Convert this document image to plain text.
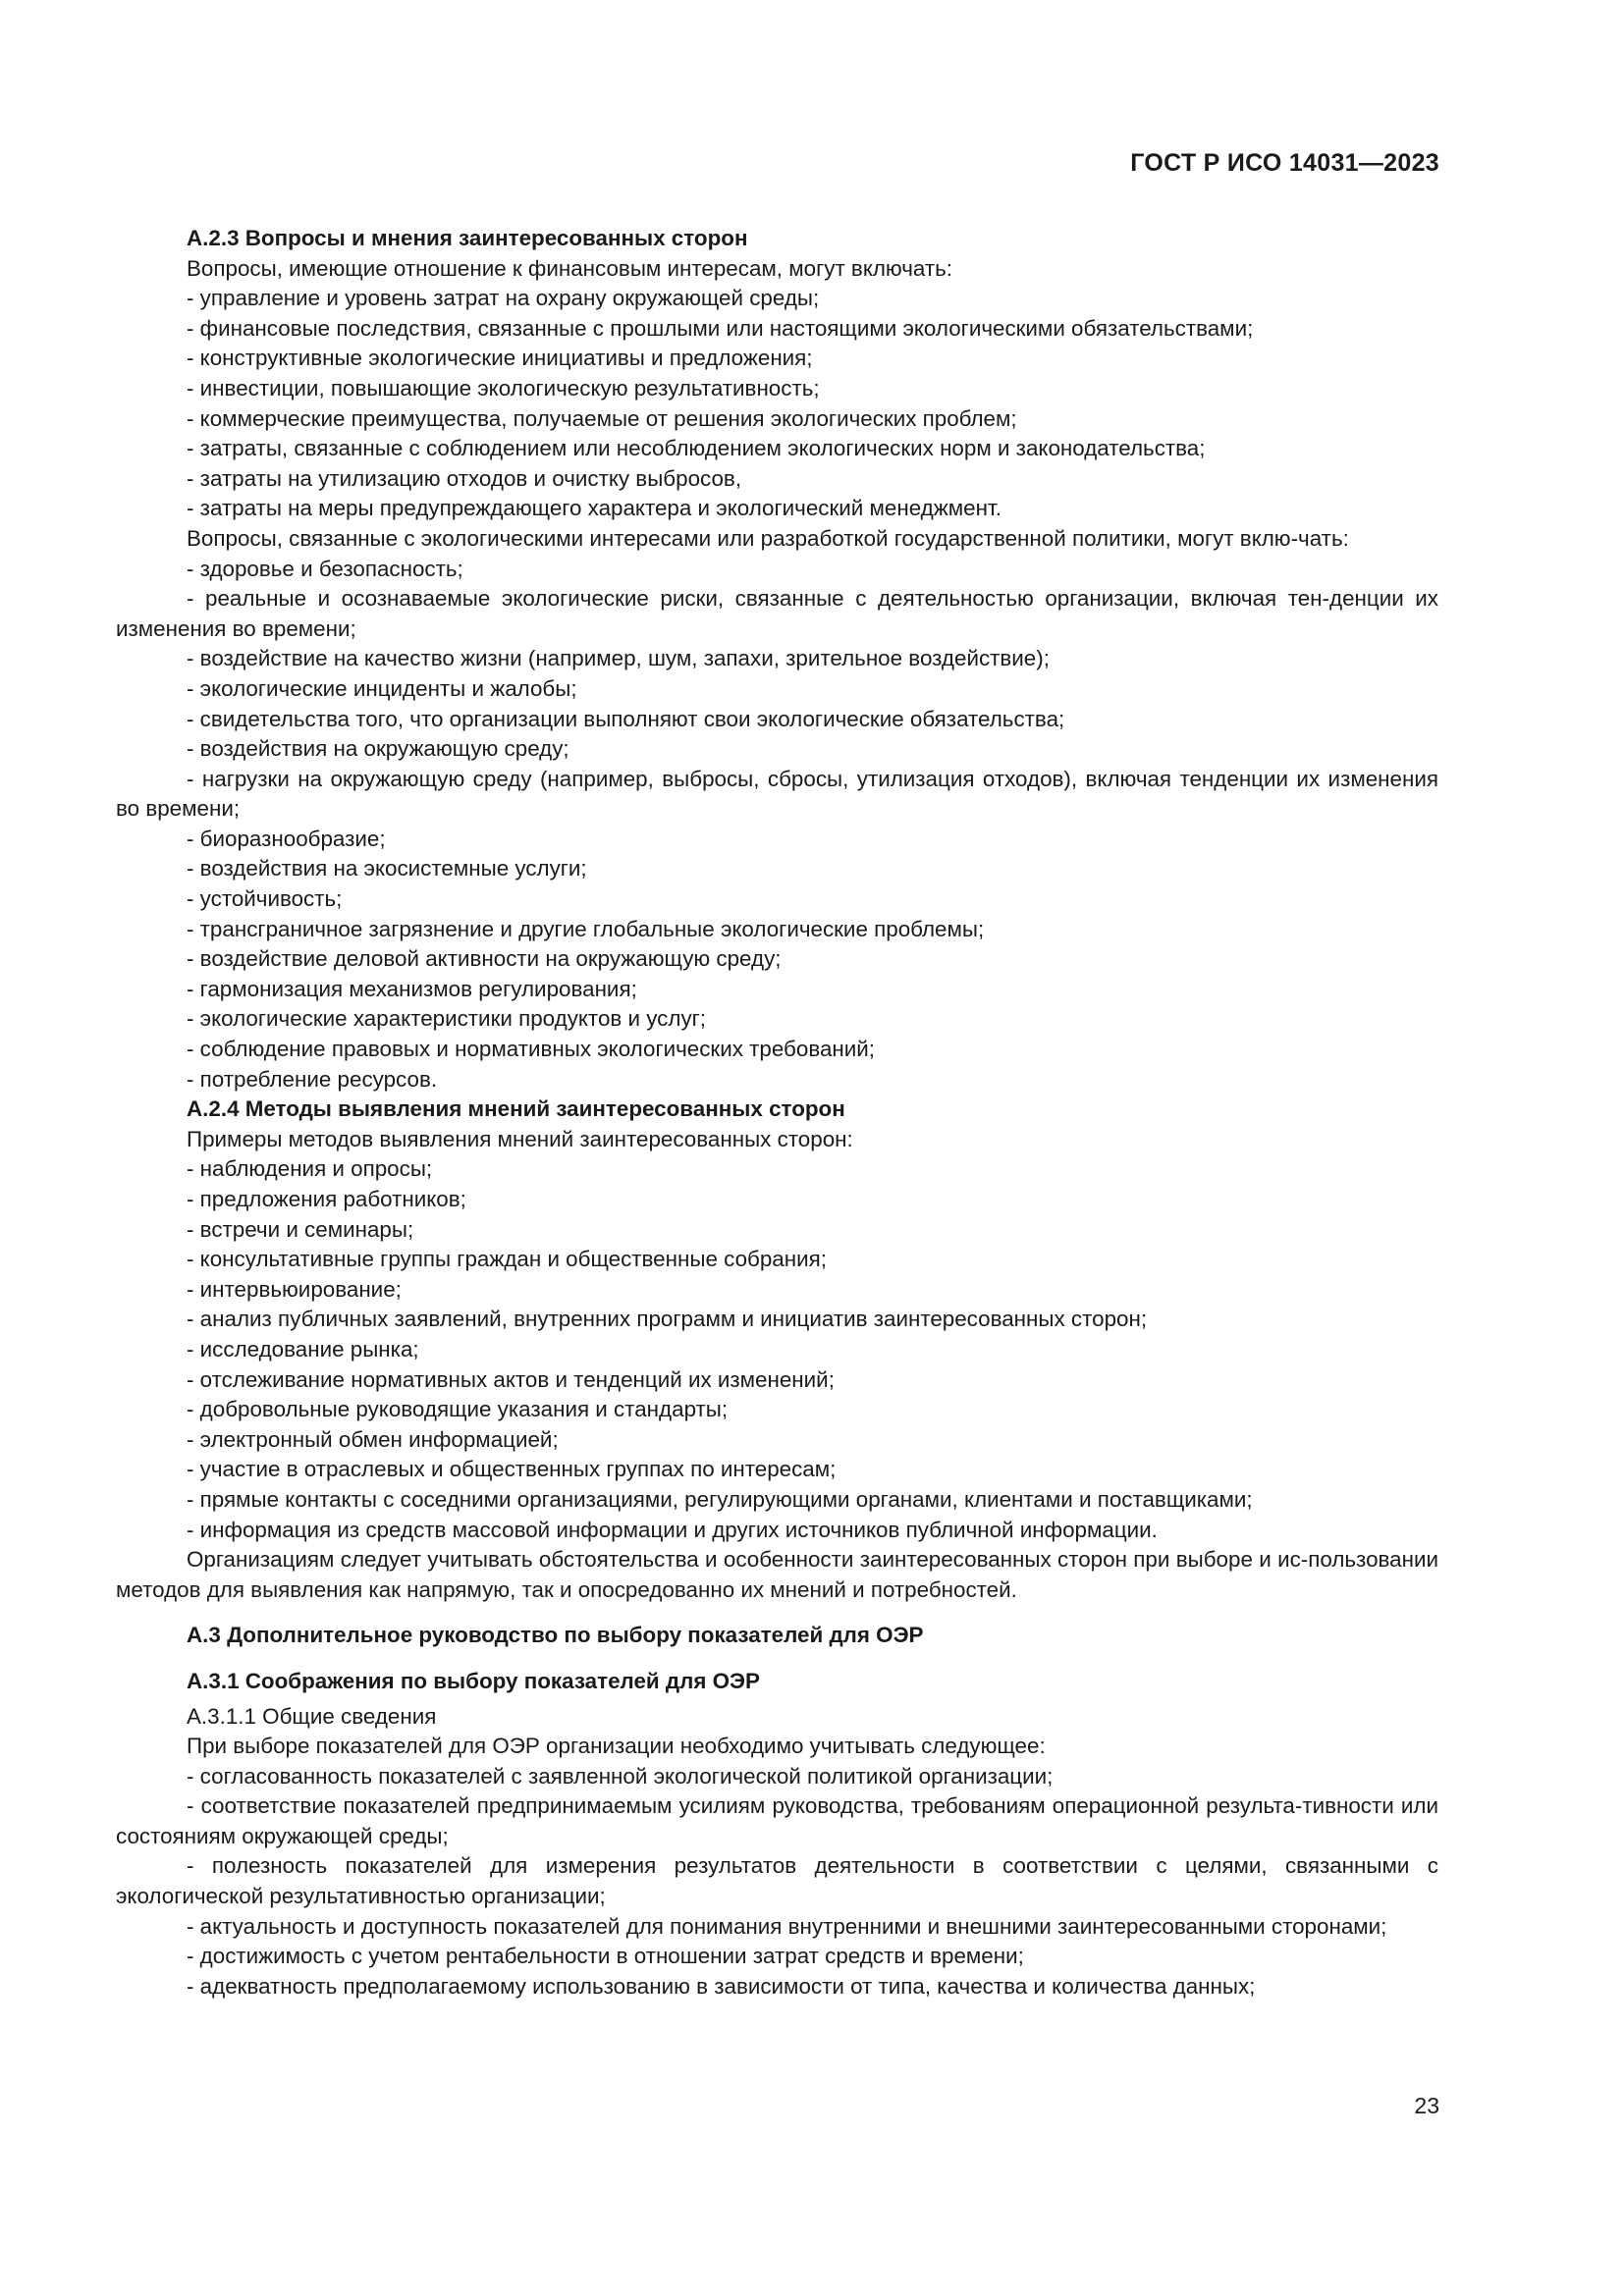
ГОСТ Р ИСО 14031—2023

А.2.3 Вопросы и мнения заинтересованных сторон

Вопросы, имеющие отношение к финансовым интересам, могут включать:

- управление и уровень затрат на охрану окружающей среды;

- финансовые последствия, связанные с прошлыми или настоящими экологическими обязательствами;

- конструктивные экологические инициативы и предложения;

- инвестиции, повышающие экологическую результативность;

- коммерческие преимущества, получаемые от решения экологических проблем;

- затраты, связанные с соблюдением или несоблюдением экологических норм и законодательства;

- затраты на утилизацию отходов и очистку выбросов,

- затраты на меры предупреждающего характера и экологический менеджмент.

Вопросы, связанные с экологическими интересами или разработкой государственной политики, могут вклю-чать:

- здоровье и безопасность;

- реальные и осознаваемые экологические риски, связанные с деятельностью организации, включая тен-денции их изменения во времени;

- воздействие на качество жизни (например, шум, запахи, зрительное воздействие);

- экологические инциденты и жалобы;

- свидетельства того, что организации выполняют свои экологические обязательства;

- воздействия на окружающую среду;

- нагрузки на окружающую среду (например, выбросы, сбросы, утилизация отходов), включая тенденции их изменения во времени;

- биоразнообразие;

- воздействия на экосистемные услуги;

- устойчивость;

- трансграничное загрязнение и другие глобальные экологические проблемы;

- воздействие деловой активности на окружающую среду;

- гармонизация механизмов регулирования;

- экологические характеристики продуктов и услуг;

- соблюдение правовых и нормативных экологических требований;

- потребление ресурсов.

А.2.4 Методы выявления мнений заинтересованных сторон

Примеры методов выявления мнений заинтересованных сторон:

- наблюдения и опросы;

- предложения работников;

- встречи и семинары;

- консультативные группы граждан и общественные собрания;

- интервьюирование;

- анализ публичных заявлений, внутренних программ и инициатив заинтересованных сторон;

- исследование рынка;

- отслеживание нормативных актов и тенденций их изменений;

- добровольные руководящие указания и стандарты;

- электронный обмен информацией;

- участие в отраслевых и общественных группах по интересам;

- прямые контакты с соседними организациями, регулирующими органами, клиентами и поставщиками;

- информация из средств массовой информации и других источников публичной информации.

Организациям следует учитывать обстоятельства и особенности заинтересованных сторон при выборе и ис-пользовании методов для выявления как напрямую, так и опосредованно их мнений и потребностей.

А.3 Дополнительное руководство по выбору показателей для ОЭР

А.3.1 Соображения по выбору показателей для ОЭР

А.3.1.1 Общие сведения

При выборе показателей для ОЭР организации необходимо учитывать следующее:

- согласованность показателей с заявленной экологической политикой организации;

- соответствие показателей предпринимаемым усилиям руководства, требованиям операционной результа-тивности или состояниям окружающей среды;

- полезность показателей для измерения результатов деятельности в соответствии с целями, связанными с экологической результативностью организации;

- актуальность и доступность показателей для понимания внутренними и внешними заинтересованными сторонами;

- достижимость с учетом рентабельности в отношении затрат средств и времени;

- адекватность предполагаемому использованию в зависимости от типа, качества и количества данных;

23
